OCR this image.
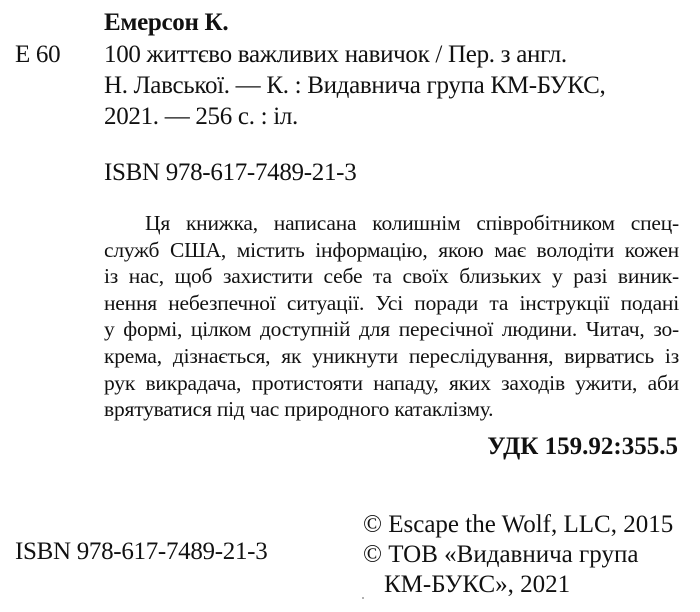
Емерсон К.
Е 60 100 життєво важливих навичок / Пер. з англ.
Н. Лавської. — К. : Видавнича група КМ-БУКС,
2021. — 256 с. : іл.
ISBN 978-617-7489-21-3
Ця книжка, написана колишнім співробітником спец-
служб США, містить інформацію, якою має володіти кожен
із нас, щоб захистити себе та своїх близьких у разі виник-
нення небезпечної ситуації. Усі поради та інструкції подані
у формі, цілком доступній для пересічної людини. Читач, зо-
крема, дізнається, як уникнути переслідування, вирватись із
рук викрадача, протистояти нападу, яких заходів ужити, аби
врятуватися під час природного катаклізму.
УДК 159.92:355.5
ISBN 978-617-7489-21-3
© Escape the Wolf, LLC, 2015
© ТОВ «Видавнича група
КМ-БУКС», 2021
